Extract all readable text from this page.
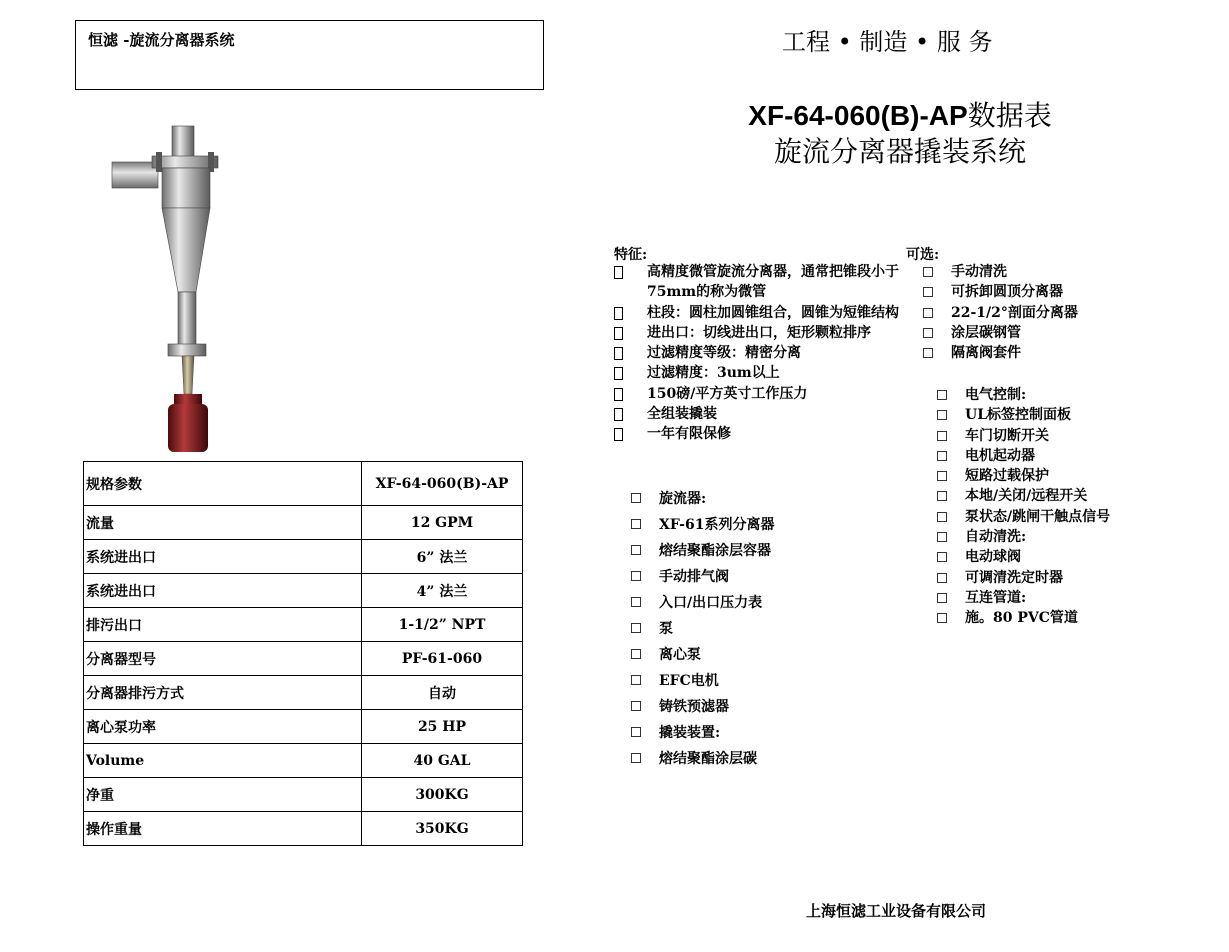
恒滤 -旋流分离器系统	工程 • 制造 • 服 务
XF-64-060(B)-AP数据表
旋流分离器撬装系统
规格参数	XF-64-060(B)-AP
流量	12 GPM
系统进出口	6” 法兰
系统进出口	4” 法兰
排污出口	1-1/2” NPT
分离器型号	PF-61-060
分离器排污方式	自动
离心泵功率	25 HP
Volume	40 GAL
净重	300KG
操作重量	350KG
特征:
高精度微管旋流分离器，通常把锥段小于75mm的称为微管
柱段：圆柱加圆锥组合，圆锥为短锥结构
进出口：切线进出口，矩形颗粒排序
过滤精度等级：精密分离
过滤精度：3um以上
150磅/平方英寸工作压力
全组装撬装
一年有限保修
可选:
手动清洗
可拆卸圆顶分离器
22-1/2°剖面分离器
涂层碳钢管
隔离阀套件
电气控制:
UL标签控制面板
车门切断开关
电机起动器
短路过载保护
本地/关闭/远程开关
泵状态/跳闸干触点信号
自动清洗:
电动球阀
可调清洗定时器
互连管道:
施。80 PVC管道
旋流器:
XF-61系列分离器
熔结聚酯涂层容器
手动排气阀
入口/出口压力表
泵
离心泵
EFC电机
铸铁预滤器
撬装装置:
熔结聚酯涂层碳
上海恒滤工业设备有限公司
